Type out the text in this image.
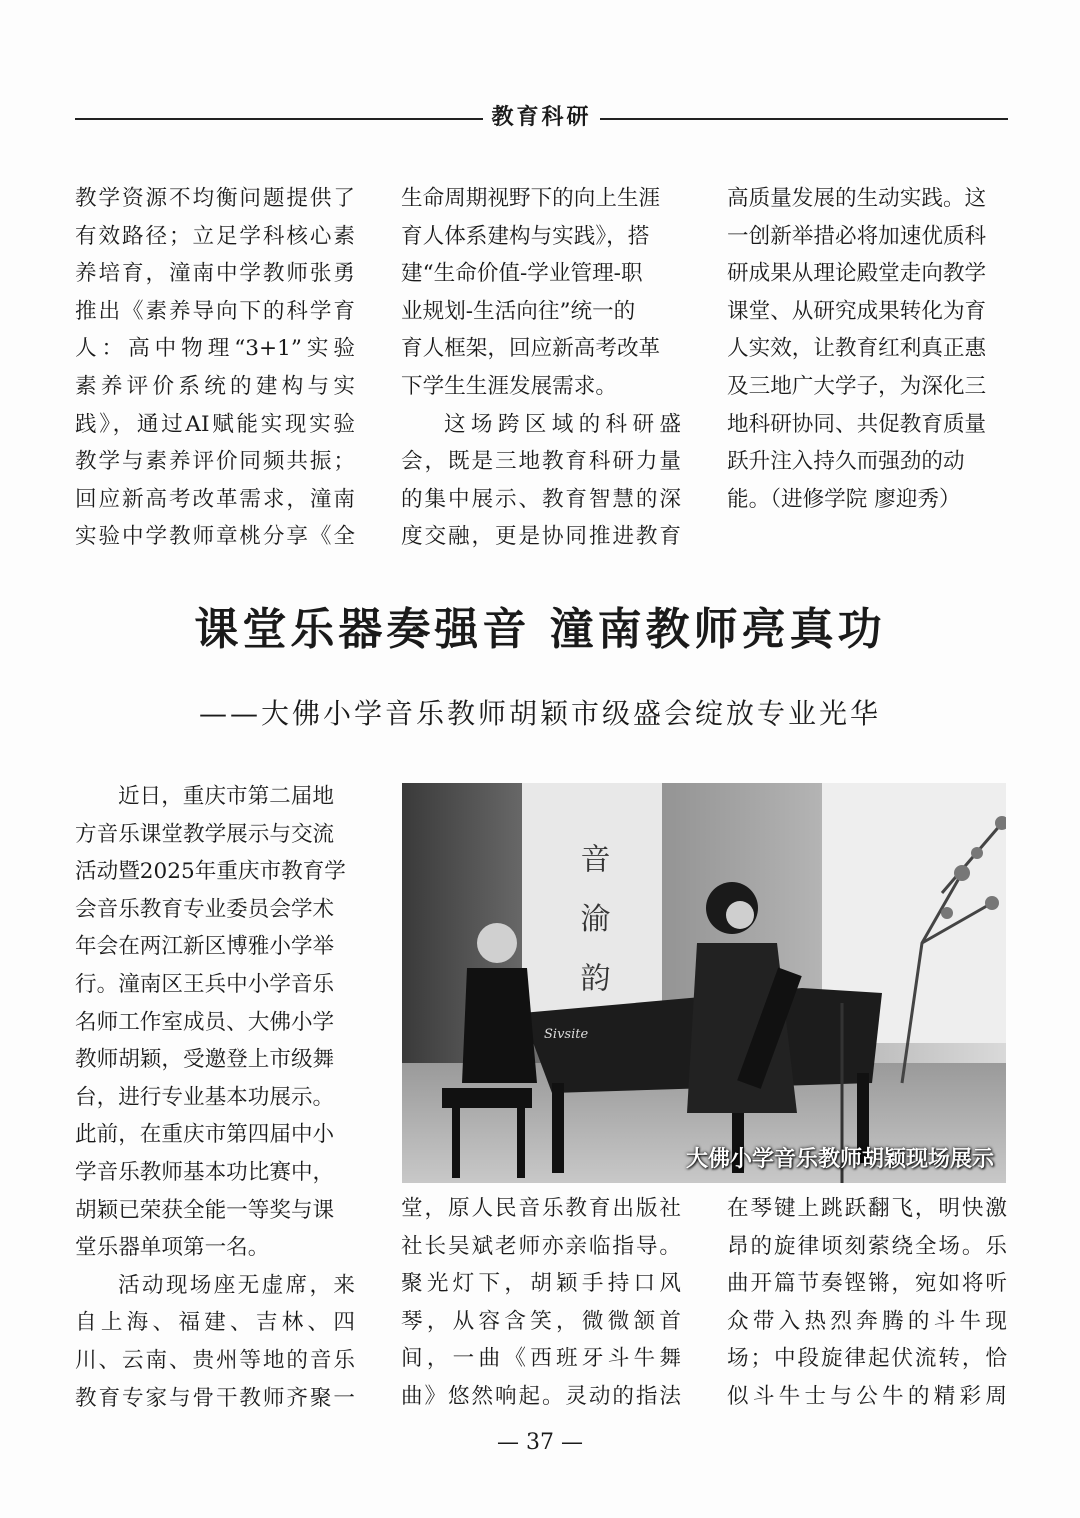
教育科研

教学资源不均衡问题提供了
有效路径；立足学科核心素
养培育，潼南中学教师张勇
推出《素养导向下的科学育
人：高中物理“3+1”实验
素养评价系统的建构与实
践》，通过AI赋能实现实验
教学与素养评价同频共振；
回应新高考改革需求，潼南
实验中学教师章桃分享《全

生命周期视野下的向上生涯
育人体系建构与实践》，搭
建“生命价值-学业管理-职
业规划-生活向往”统一的
育人框架，回应新高考改革
下学生生涯发展需求。

这场跨区域的科研盛
会，既是三地教育科研力量
的集中展示、教育智慧的深
度交融，更是协同推进教育

高质量发展的生动实践。这
一创新举措必将加速优质科
研成果从理论殿堂走向教学
课堂、从研究成果转化为育
人实效，让教育红利真正惠
及三地广大学子，为深化三
地科研协同、共促教育质量
跃升注入持久而强劲的动
能。（进修学院 廖迎秀）

课堂乐器奏强音 潼南教师亮真功
——大佛小学音乐教师胡颖市级盛会绽放专业光华

近日，重庆市第二届地
方音乐课堂教学展示与交流
活动暨2025年重庆市教育学
会音乐教育专业委员会学术
年会在两江新区博雅小学举
行。潼南区王兵中小学音乐
名师工作室成员、大佛小学
教师胡颖，受邀登上市级舞
台，进行专业基本功展示。
此前，在重庆市第四届中小
学音乐教师基本功比赛中，
胡颖已荣获全能一等奖与课
堂乐器单项第一名。

活动现场座无虚席，来
自上海、福建、吉林、四
川、云南、贵州等地的音乐
教育专家与骨干教师齐聚一

音 渝 韵
Sivsite
大佛小学音乐教师胡颖现场展示

堂，原人民音乐教育出版社
社长吴斌老师亦亲临指导。
聚光灯下，胡颖手持口风
琴，从容含笑，微微颔首
间，一曲《西班牙斗牛舞
曲》悠然响起。灵动的指法

在琴键上跳跃翻飞，明快激
昂的旋律顷刻萦绕全场。乐
曲开篇节奏铿锵，宛如将听
众带入热烈奔腾的斗牛现
场；中段旋律起伏流转，恰
似斗牛士与公牛的精彩周

— 37 —
